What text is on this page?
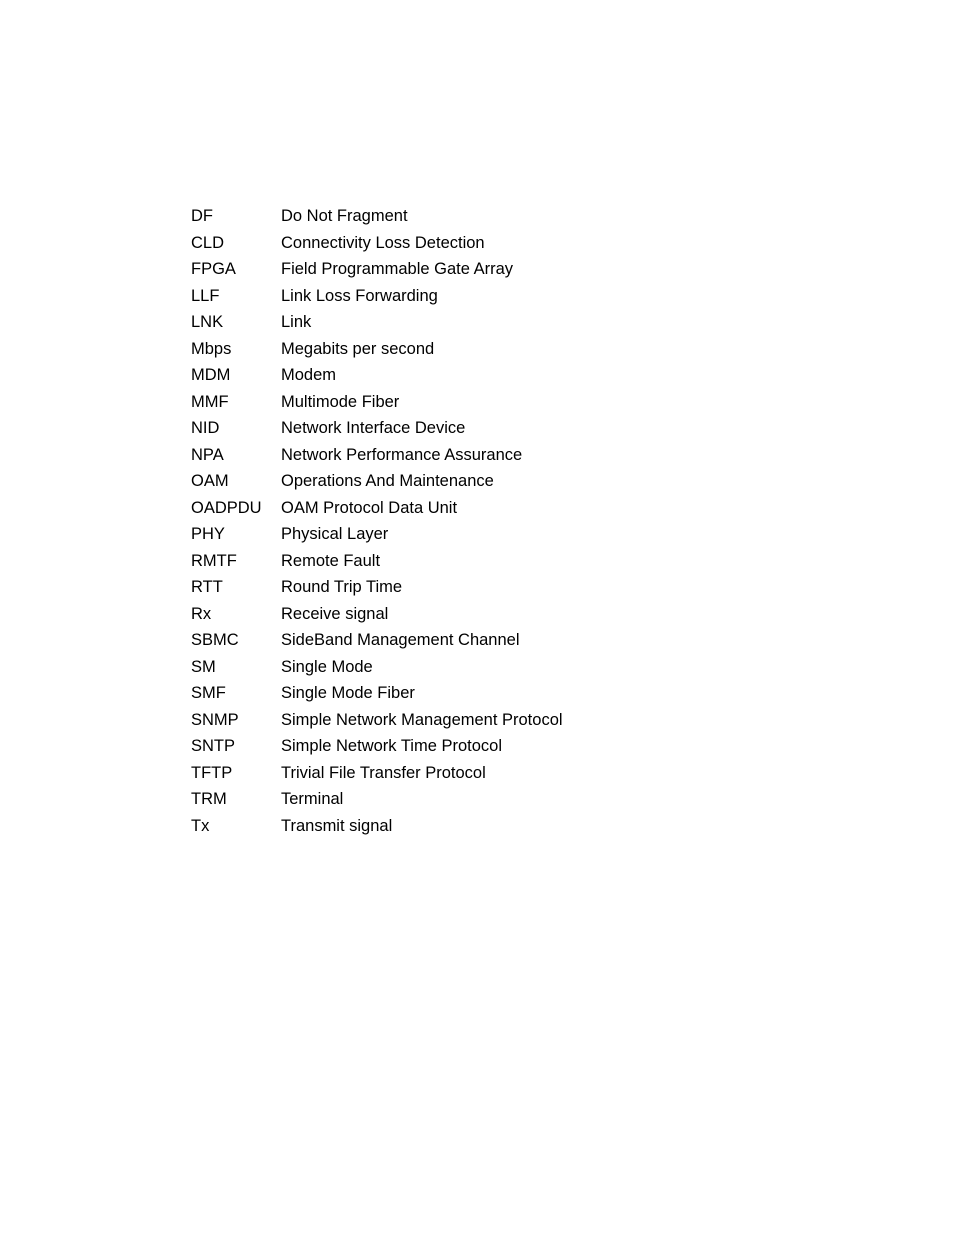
DF	Do Not Fragment
CLD	Connectivity Loss Detection
FPGA	Field Programmable Gate Array
LLF	Link Loss Forwarding
LNK	Link
Mbps	Megabits per second
MDM	Modem
MMF	Multimode Fiber
NID	Network Interface Device
NPA	Network Performance Assurance
OAM	Operations And Maintenance
OADPDU	OAM Protocol Data Unit
PHY	Physical Layer
RMTF	Remote Fault
RTT	Round Trip Time
Rx	Receive signal
SBMC	SideBand Management Channel
SM	Single Mode
SMF	Single Mode Fiber
SNMP	Simple Network Management Protocol
SNTP	Simple Network Time Protocol
TFTP	Trivial File Transfer Protocol
TRM	Terminal
Tx	Transmit signal
